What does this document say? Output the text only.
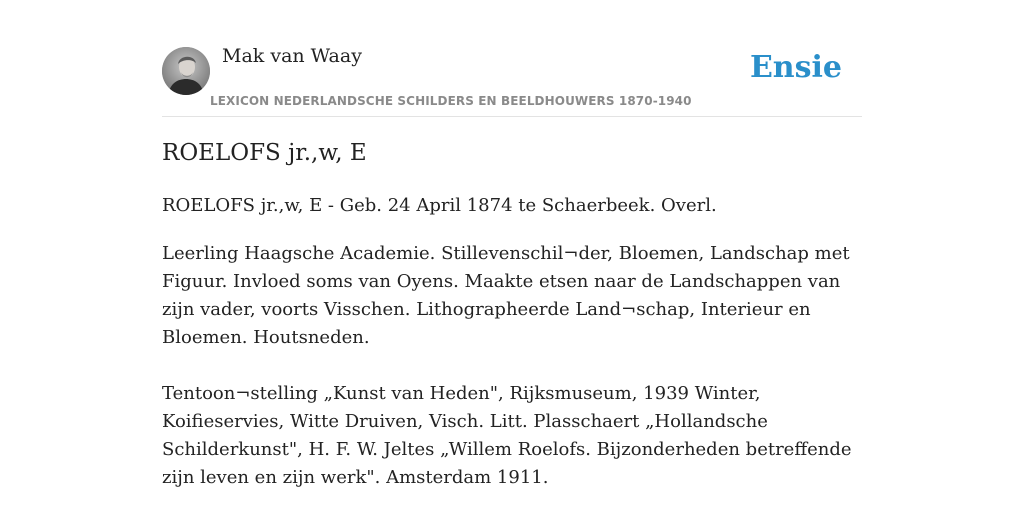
Mak van Waay
LEXICON NEDERLANDSCHE SCHILDERS EN BEELDHOUWERS 1870-1940
Ensie
ROELOFS jr.,w, E

ROELOFS jr.,w, E - Geb. 24 April 1874 te Schaerbeek. Overl.

Leerling Haagsche Academie. Stillevenschil¬der, Bloemen, Landschap met Figuur. Invloed soms van Oyens. Maakte etsen naar de Landschappen van zijn vader, voorts Visschen. Lithographeerde Land¬schap, Interieur en Bloemen. Houtsneden.

Tentoon¬stelling „Kunst van Heden", Rijksmuseum, 1939 Winter, Koifieservies, Witte Druiven, Visch. Litt. Plasschaert „Hollandsche Schilderkunst", H. F. W. Jeltes „Willem Roelofs. Bijzonderheden betreffende zijn leven en zijn werk". Amsterdam 1911.
